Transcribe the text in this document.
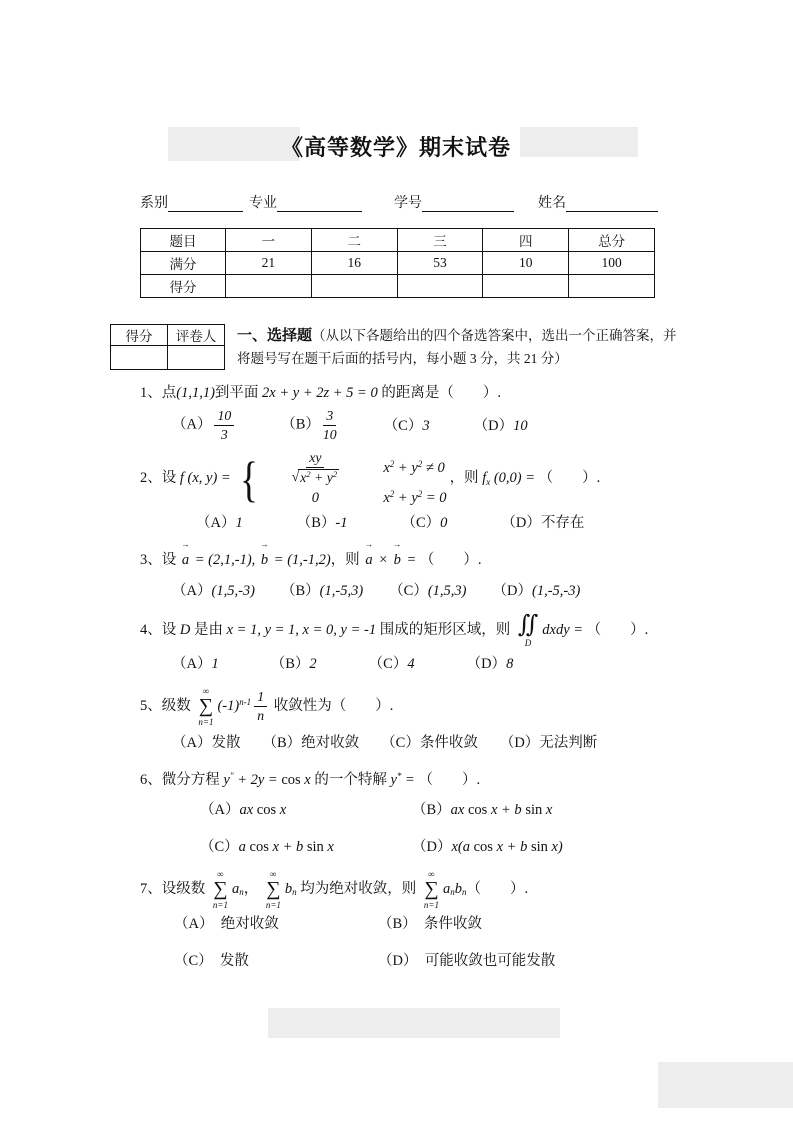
《高等数学》期末试卷
系别	专业	学号	姓名
题目	一	二	三	四	总分
满分	21	16	53	10	100
得分					
得分	评卷人
	一、选择题（从以下各题给出的四个备选答案中，选出一个正确答案，并将题号写在题干后面的括号内，每小题 3 分，共 21 分）
1、点(1,1,1)到平面 2x + y + 2z + 5 = 0 的距离是（　　）.
$(A) \frac{10}{3}$	$(B) \frac{3}{10}$	（C）3	（D）10
2、设 f (x, y) = { $\frac{xy}{√ x^2 + y^2}$	$x^2 + y^2 \ne 0$
0	$x^2 + y^2 = 0$
，则 fx (0,0) = （　　）.
（A）1	（B）-1	（C）0	（D）不存在
3、设
→
a = (2,1,-1),
→
b = (1,-1,2)，则
→
a ×
→
b = （　　）.
（A）(1,5,-3) （B）(1,-5,3) （C）(1,5,3) （D）(1,-5,-3)
4、设 D 是由 x = 1, y = 1, x = 0, y = -1 围成的矩形区域，则 ∬
D
dxdy = （　　）.
（A）1	（B）2	（C）4	（D）8
5、级数
∞
∑
n=1
$(-1)^{n-1} \frac{1}{n}$ 收敛性为（　　）.
（A）发散 （B）绝对收敛 （C）条件收敛 （D）无法判断
6、微分方程 y″ + 2y = cos x 的一个特解 y* = （　　）.
（A）ax cos x	（B）ax cos x + b sin x
（C）a cos x + b sin x	（D）x(a cos x + b sin x)
7、设级数
∞
∑
n=1
an，
∞
∑
n=1
bn 均为绝对收敛，则
∞
∑
n=1
anbn（　　）.
（A）　绝对收敛	（B）　条件收敛
（C）　发散	（D）　可能收敛也可能发散
